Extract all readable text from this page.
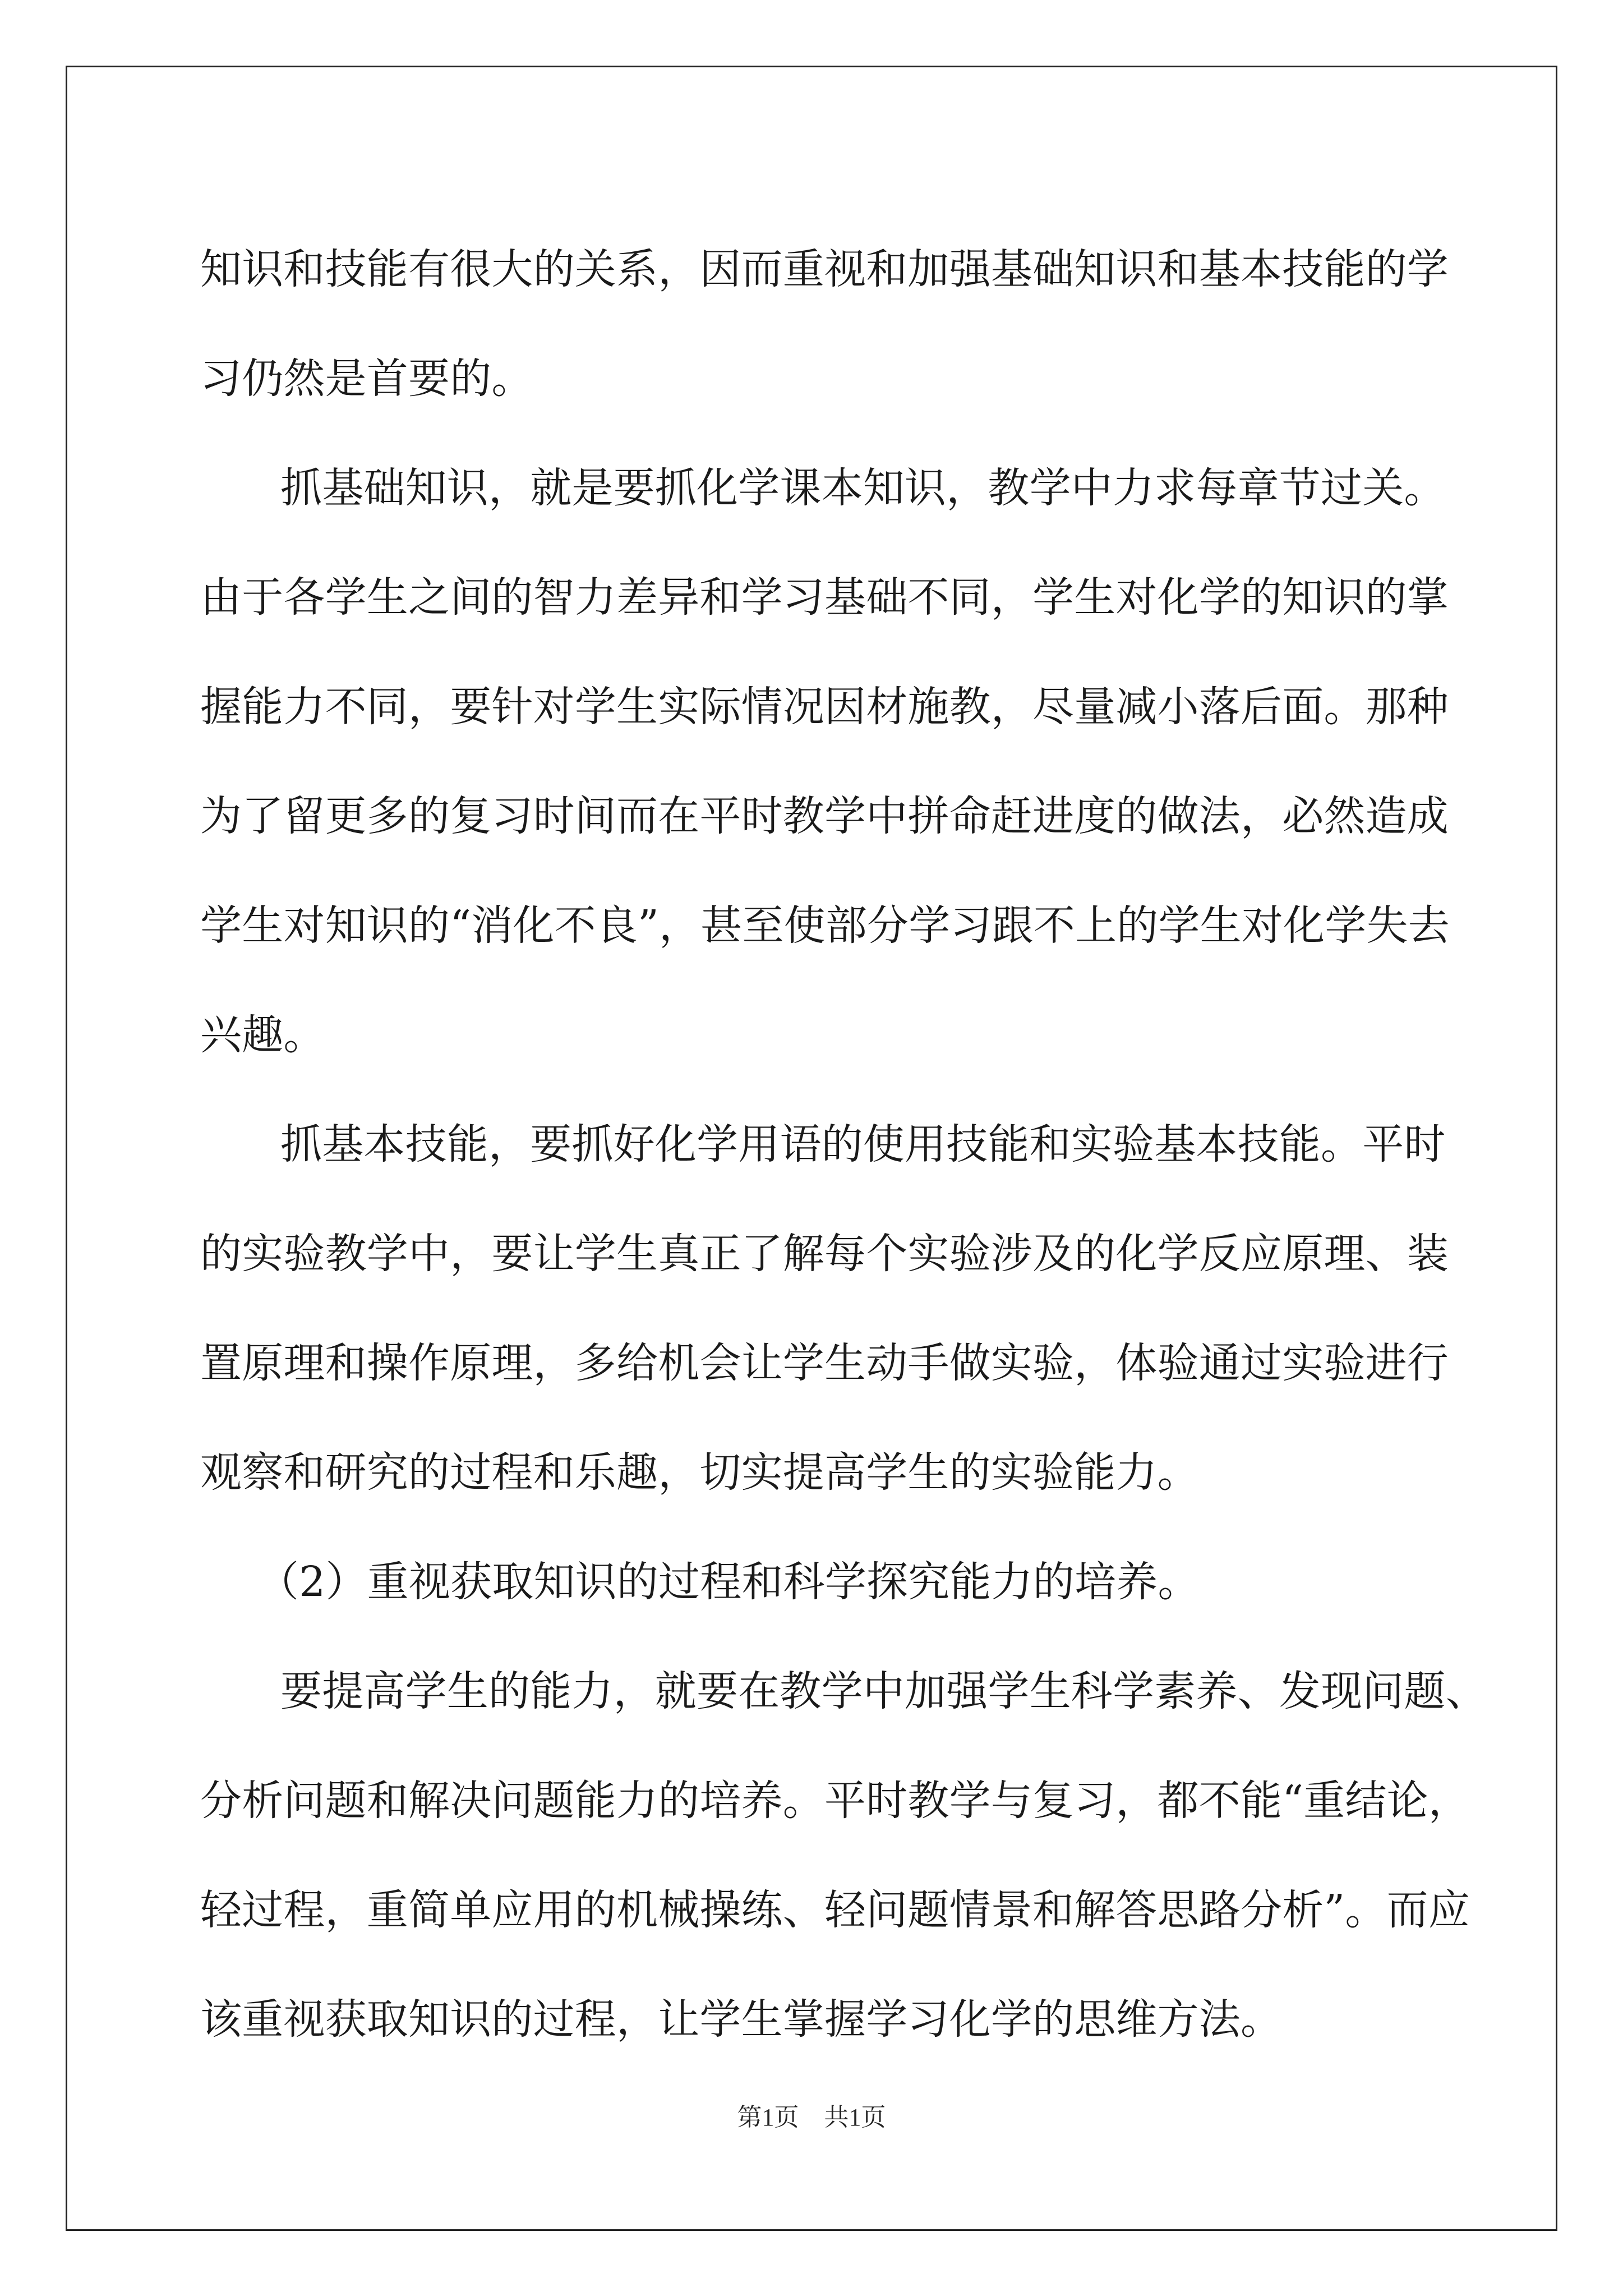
知识和技能有很大的关系，因而重视和加强基础知识和基本技能的学
习仍然是首要的。
抓基础知识，就是要抓化学课本知识，教学中力求每章节过关。
由于各学生之间的智力差异和学习基础不同，学生对化学的知识的掌
握能力不同，要针对学生实际情况因材施教，尽量减小落后面。那种
为了留更多的复习时间而在平时教学中拼命赶进度的做法，必然造成
学生对知识的“消化不良”，甚至使部分学习跟不上的学生对化学失去
兴趣。
抓基本技能，要抓好化学用语的使用技能和实验基本技能。平时
的实验教学中，要让学生真正了解每个实验涉及的化学反应原理、装
置原理和操作原理，多给机会让学生动手做实验，体验通过实验进行
观察和研究的过程和乐趣，切实提高学生的实验能力。
（2）重视获取知识的过程和科学探究能力的培养。
要提高学生的能力，就要在教学中加强学生科学素养、发现问题、
分析问题和解决问题能力的培养。平时教学与复习，都不能“重结论，
轻过程，重简单应用的机械操练、轻问题情景和解答思路分析”。而应
该重视获取知识的过程，让学生掌握学习化学的思维方法。
第1页 共1页
